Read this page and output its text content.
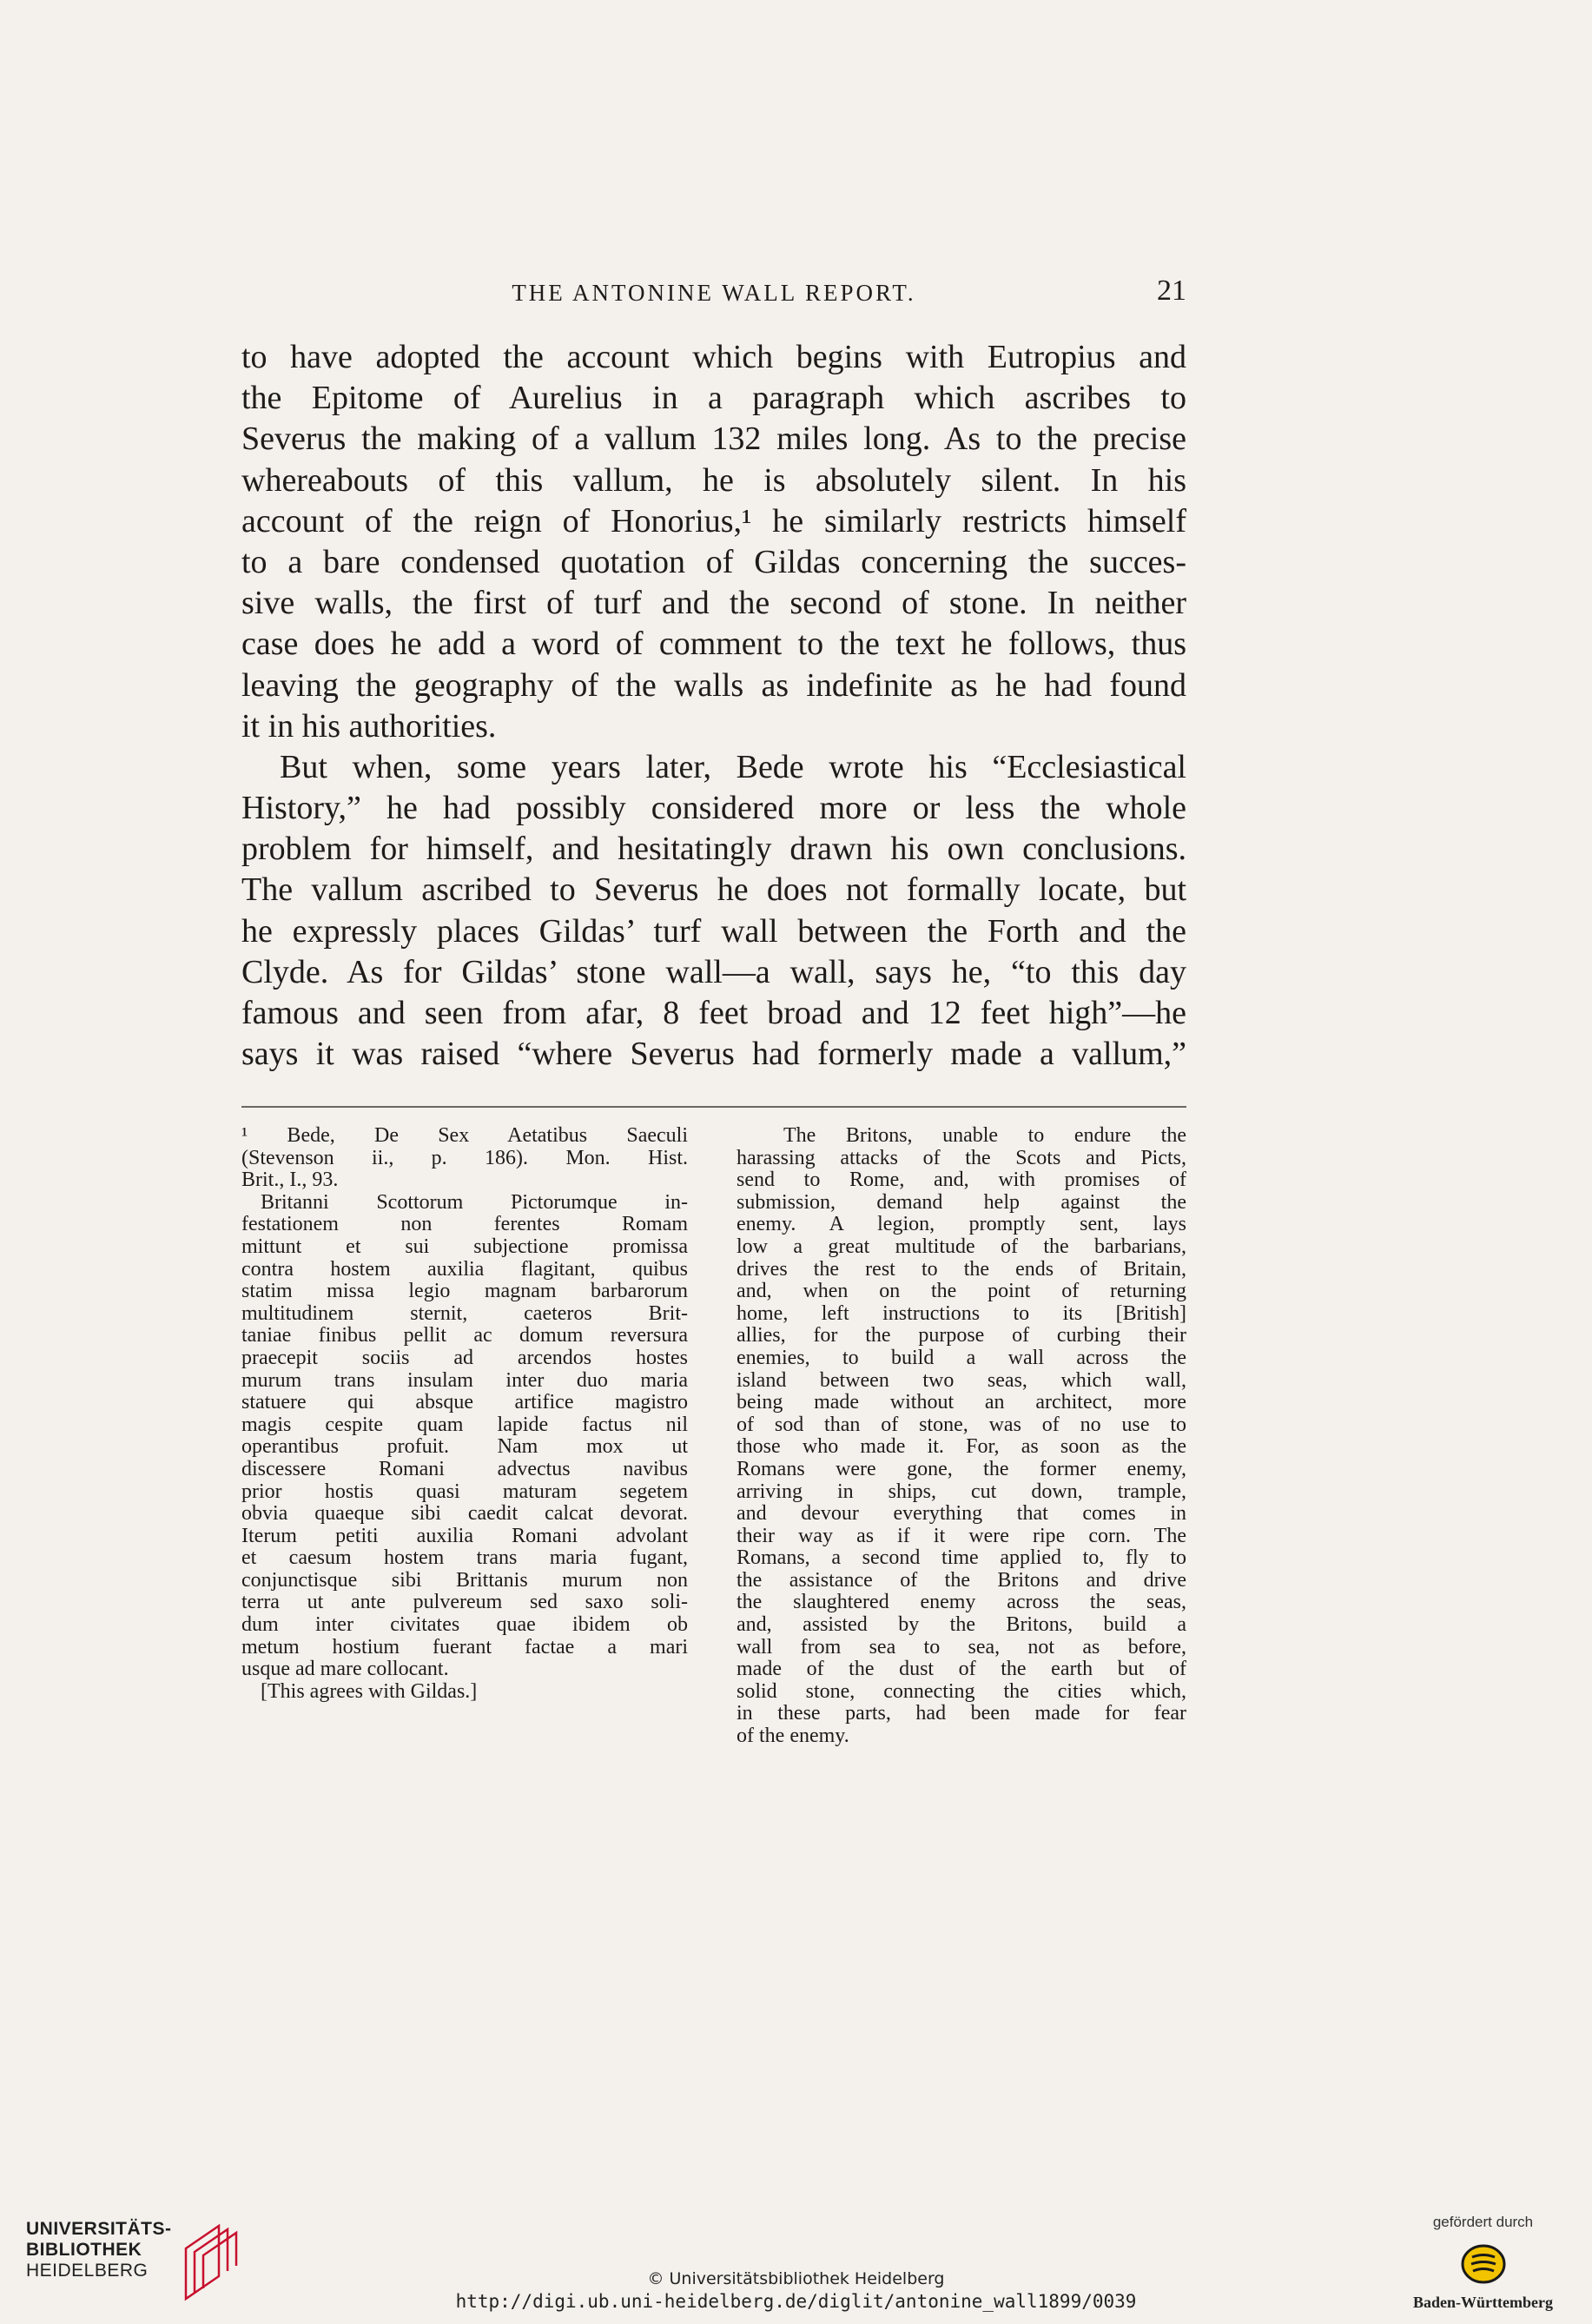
THE ANTONINE WALL REPORT.	21
to have adopted the account which begins with Eutropius and
the Epitome of Aurelius in a paragraph which ascribes to
Severus the making of a vallum 132 miles long. As to the precise
whereabouts of this vallum, he is absolutely silent. In his
account of the reign of Honorius,¹ he similarly restricts himself
to a bare condensed quotation of Gildas concerning the succes-
sive walls, the first of turf and the second of stone. In neither
case does he add a word of comment to the text he follows, thus
leaving the geography of the walls as indefinite as he had found
it in his authorities.
But when, some years later, Bede wrote his “Ecclesiastical
History,” he had possibly considered more or less the whole
problem for himself, and hesitatingly drawn his own conclusions.
The vallum ascribed to Severus he does not formally locate, but
he expressly places Gildas’ turf wall between the Forth and the
Clyde. As for Gildas’ stone wall—a wall, says he, “to this day
famous and seen from afar, 8 feet broad and 12 feet high”—he
says it was raised “where Severus had formerly made a vallum,”
¹ Bede, De Sex Aetatibus Saeculi
(Stevenson ii., p. 186). Mon. Hist.
Brit., I., 93.
Britanni Scottorum Pictorumque in-
festationem non ferentes Romam
mittunt et sui subjectione promissa
contra hostem auxilia flagitant, quibus
statim missa legio magnam barbarorum
multitudinem sternit, caeteros Brit-
taniae finibus pellit ac domum reversura
praecepit sociis ad arcendos hostes
murum trans insulam inter duo maria
statuere qui absque artifice magistro
magis cespite quam lapide factus nil
operantibus profuit. Nam mox ut
discessere Romani advectus navibus
prior hostis quasi maturam segetem
obvia quaeque sibi caedit calcat devorat.
Iterum petiti auxilia Romani advolant
et caesum hostem trans maria fugant,
conjunctisque sibi Brittanis murum non
terra ut ante pulvereum sed saxo soli-
dum inter civitates quae ibidem ob
metum hostium fuerant factae a mari
usque ad mare collocant.
[This agrees with Gildas.]
The Britons, unable to endure the
harassing attacks of the Scots and Picts,
send to Rome, and, with promises of
submission, demand help against the
enemy. A legion, promptly sent, lays
low a great multitude of the barbarians,
drives the rest to the ends of Britain,
and, when on the point of returning
home, left instructions to its [British]
allies, for the purpose of curbing their
enemies, to build a wall across the
island between two seas, which wall,
being made without an architect, more
of sod than of stone, was of no use to
those who made it. For, as soon as the
Romans were gone, the former enemy,
arriving in ships, cut down, trample,
and devour everything that comes in
their way as if it were ripe corn. The
Romans, a second time applied to, fly to
the assistance of the Britons and drive
the slaughtered enemy across the seas,
and, assisted by the Britons, build a
wall from sea to sea, not as before,
made of the dust of the earth but of
solid stone, connecting the cities which,
in these parts, had been made for fear
of the enemy.
UNIVERSITÄTS-
BIBLIOTHEK
HEIDELBERG	© Universitätsbibliothek Heidelberg
http://digi.ub.uni-heidelberg.de/diglit/antonine_wall1899/0039
gefördert durch
Baden-Württemberg
